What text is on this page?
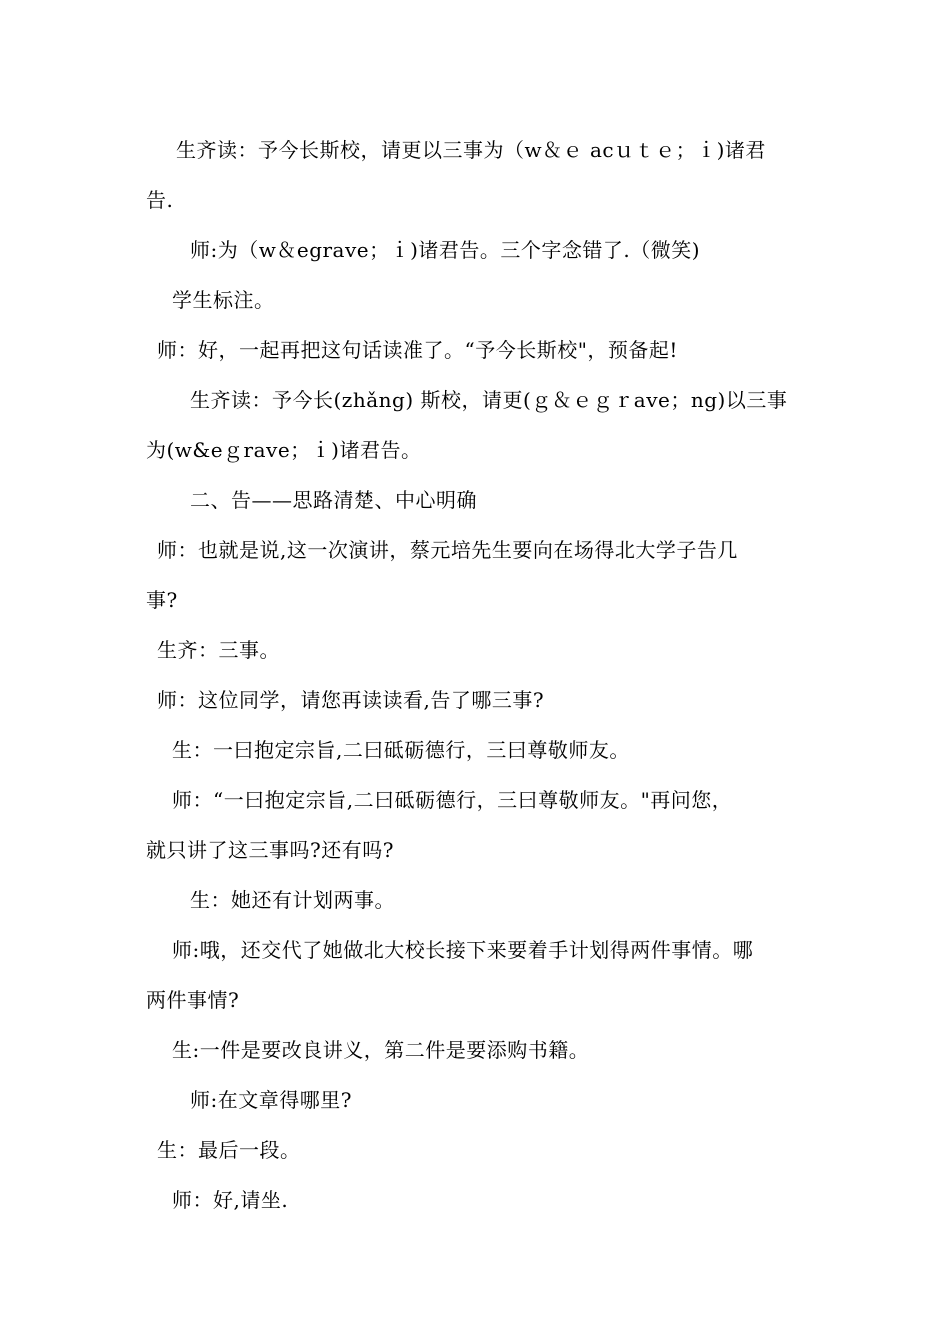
生齐读：予今长斯校，请更以三事为（w＆ｅ acｕｔｅ；ｉ)诸君
告.
师:为（w＆egrave；ｉ)诸君告。三个字念错了.（微笑)
学生标注。
师：好，一起再把这句话读准了。“予今长斯校"，预备起!
生齐读：予今长(zhǎng) 斯校，请更(ｇ＆ｅｇｒave；ng)以三事
为(w&eｇrave；ｉ)诸君告。
二、告——思路清楚、中心明确
师：也就是说,这一次演讲，蔡元培先生要向在场得北大学子告几
事?
生齐：三事。
师：这位同学，请您再读读看,告了哪三事?
生：一曰抱定宗旨,二曰砥砺德行，三曰尊敬师友。
师：“一曰抱定宗旨,二曰砥砺德行，三曰尊敬师友。"再问您，
就只讲了这三事吗?还有吗?
生：她还有计划两事。
师:哦，还交代了她做北大校长接下来要着手计划得两件事情。哪
两件事情?
生:一件是要改良讲义，第二件是要添购书籍。
师:在文章得哪里?
生：最后一段。
师：好,请坐.
